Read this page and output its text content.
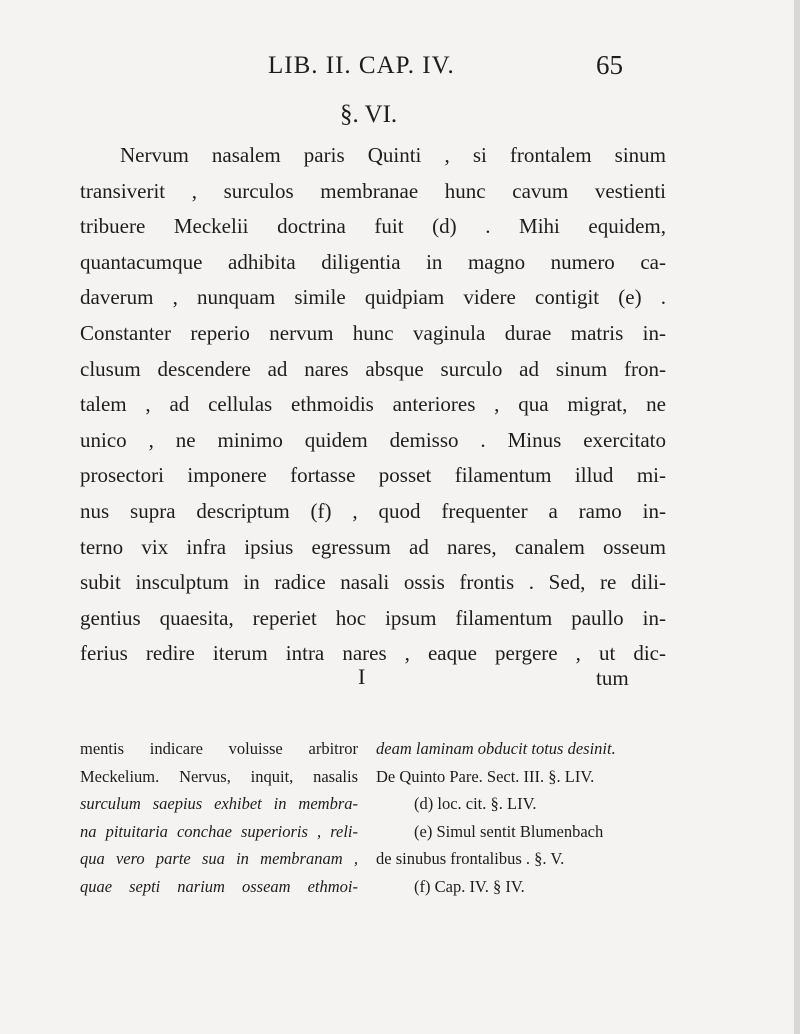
LIB. II. CAP. IV.	65
§. VI.
Nervum nasalem paris Quinti , si frontalem sinum
transiverit , surculos membranae hunc cavum vestienti
tribuere Meckelii doctrina fuit (d) . Mihi equidem,
quantacumque adhibita diligentia in magno numero ca-
daverum , nunquam simile quidpiam videre contigit (e) .
Constanter reperio nervum hunc vaginula durae matris in-
clusum descendere ad nares absque surculo ad sinum fron-
talem , ad cellulas ethmoidis anteriores , qua migrat, ne
unico , ne minimo quidem demisso . Minus exercitato
prosectori imponere fortasse posset filamentum illud mi-
nus supra descriptum (f) , quod frequenter a ramo in-
terno vix infra ipsius egressum ad nares, canalem osseum
subit insculptum in radice nasali ossis frontis . Sed, re dili-
gentius quaesita, reperiet hoc ipsum filamentum paullo in-
ferius redire iterum intra nares , eaque pergere , ut dic-
I	tum
mentis indicare voluisse arbitror
Meckelium. Nervus, inquit, nasalis
surculum saepius exhibet in membra-
na pituitaria conchae superioris , reli-
qua vero parte sua in membranam ,
quae septi narium osseam ethmoi-
deam laminam obducit totus desinit.
De Quinto Pare. Sect. III. §. LIV.
(d) loc. cit. §. LIV.
(e) Simul sentit Blumenbach
de sinubus frontalibus . §. V.
(f) Cap. IV. § IV.
